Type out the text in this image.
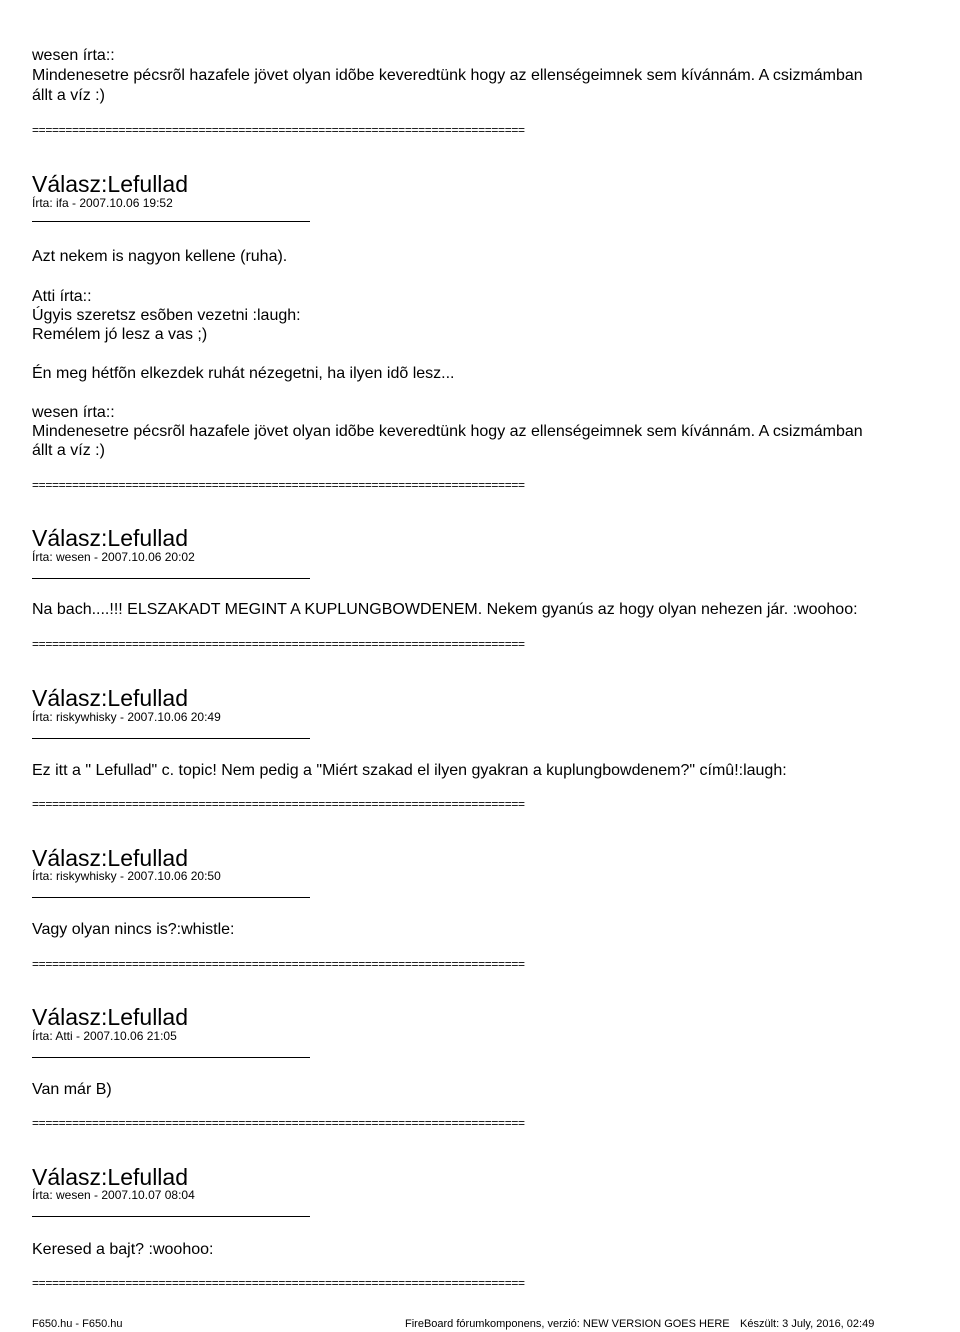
wesen írta::
Mindenesetre pécsrõl hazafele jövet olyan idõbe keveredtünk hogy az ellenségeimnek sem kívánnám. A csizmámban
állt a víz :)
==========================================================================
Válasz:Lefullad
Írta: ifa - 2007.10.06 19:52
Azt nekem is nagyon kellene (ruha).
Atti írta::
Úgyis szeretsz esõben vezetni :laugh:
Remélem jó lesz a vas ;)
Én meg hétfõn elkezdek ruhát nézegetni, ha ilyen idõ lesz...
wesen írta::
Mindenesetre pécsrõl hazafele jövet olyan idõbe keveredtünk hogy az ellenségeimnek sem kívánnám. A csizmámban
állt a víz :)
==========================================================================
Válasz:Lefullad
Írta: wesen - 2007.10.06 20:02
Na bach....!!! ELSZAKADT MEGINT A KUPLUNGBOWDENEM. Nekem gyanús az hogy olyan nehezen jár. :woohoo:
==========================================================================
Válasz:Lefullad
Írta: riskywhisky - 2007.10.06 20:49
Ez itt a " Lefullad" c. topic! Nem pedig a "Miért szakad el ilyen gyakran a kuplungbowdenem?" címû!:laugh:
==========================================================================
Válasz:Lefullad
Írta: riskywhisky - 2007.10.06 20:50
Vagy olyan nincs is?:whistle:
==========================================================================
Válasz:Lefullad
Írta: Atti - 2007.10.06 21:05
Van már B)
==========================================================================
Válasz:Lefullad
Írta: wesen - 2007.10.07 08:04
Keresed a bajt? :woohoo:
==========================================================================
F650.hu - F650.hu	FireBoard fórumkomponens, verzió: NEW VERSION GOES HERE Készült: 3 July, 2016, 02:49
